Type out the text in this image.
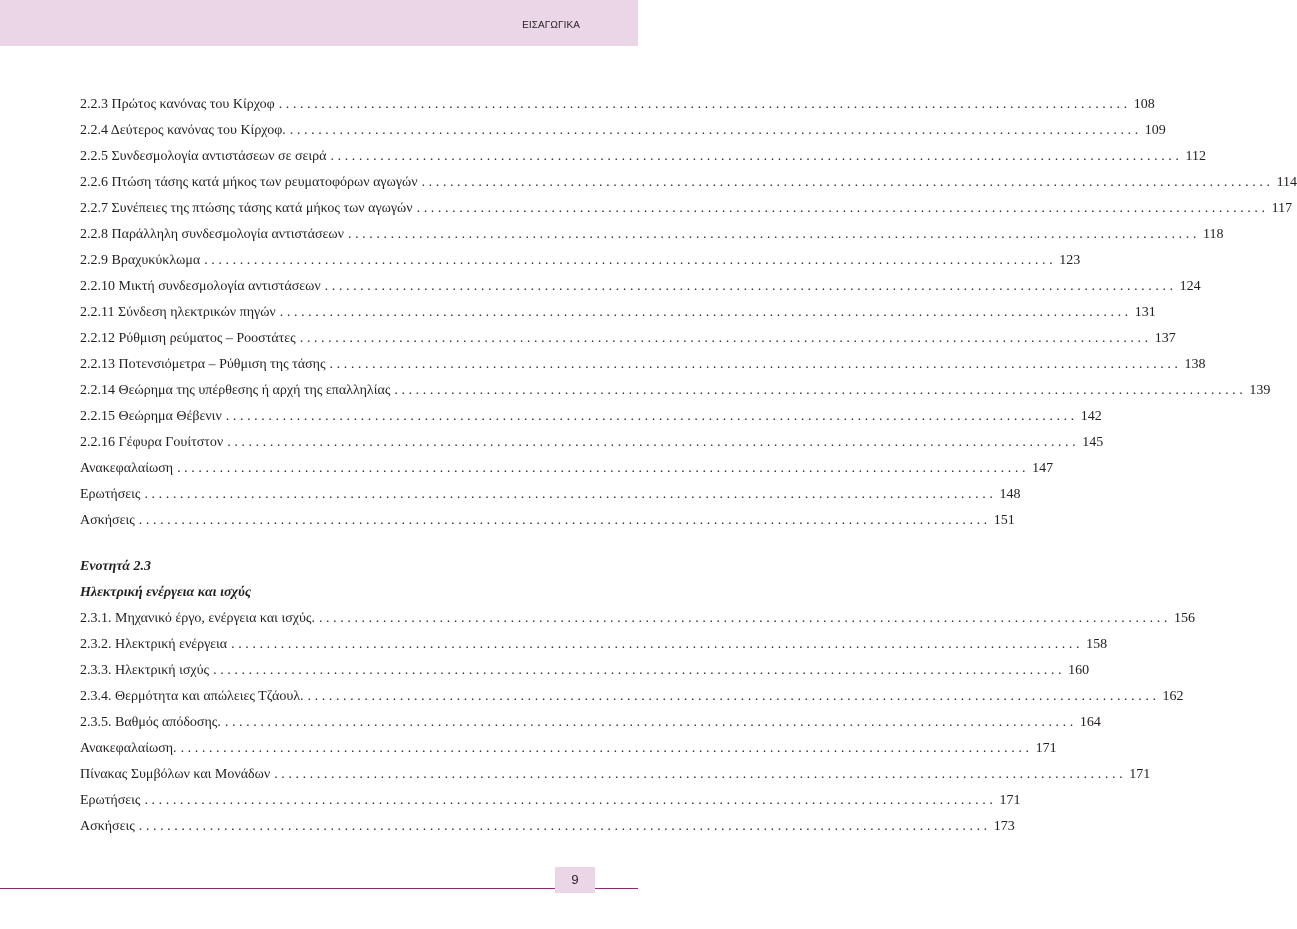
ΕΙΣΑΓΩΓΙΚΑ
2.2.3 Πρώτος κανόνας του Κίρχοφ ........................................................................................................................ 108
2.2.4 Δεύτερος κανόνας του Κίρχοφ. ........................................................................................................................ 109
2.2.5 Συνδεσμολογία αντιστάσεων σε σειρά ........................................................................................................................ 112
2.2.6 Πτώση τάσης κατά μήκος των ρευματοφόρων αγωγών ........................................................................................................................ 114
2.2.7 Συνέπειες της πτώσης τάσης κατά μήκος των αγωγών ........................................................................................................................ 117
2.2.8 Παράλληλη συνδεσμολογία αντιστάσεων ........................................................................................................................ 118
2.2.9 Βραχυκύκλωμα ........................................................................................................................ 123
2.2.10 Μικτή συνδεσμολογία αντιστάσεων ........................................................................................................................ 124
2.2.11 Σύνδεση ηλεκτρικών πηγών ........................................................................................................................ 131
2.2.12 Ρύθμιση ρεύματος – Ροοστάτες ........................................................................................................................ 137
2.2.13 Ποτενσιόμετρα – Ρύθμιση της τάσης ........................................................................................................................ 138
2.2.14 Θεώρημα της υπέρθεσης ή αρχή της επαλληλίας ........................................................................................................................ 139
2.2.15 Θεώρημα Θέβενιν ........................................................................................................................ 142
2.2.16 Γέφυρα Γουίτστον ........................................................................................................................ 145
Ανακεφαλαίωση ........................................................................................................................ 147
Ερωτήσεις ........................................................................................................................ 148
Ασκήσεις ........................................................................................................................ 151
Ενοτητά 2.3
Ηλεκτρική ενέργεια και ισχύς
2.3.1. Μηχανικό έργο, ενέργεια και ισχύς. ........................................................................................................................ 156
2.3.2. Ηλεκτρική ενέργεια ........................................................................................................................ 158
2.3.3. Ηλεκτρική ισχύς ........................................................................................................................ 160
2.3.4. Θερμότητα και απώλειες Τζάουλ. ........................................................................................................................ 162
2.3.5. Βαθμός απόδοσης. ........................................................................................................................ 164
Ανακεφαλαίωση. ........................................................................................................................ 171
Πίνακας Συμβόλων και Μονάδων ........................................................................................................................ 171
Ερωτήσεις ........................................................................................................................ 171
Ασκήσεις ........................................................................................................................ 173
9
